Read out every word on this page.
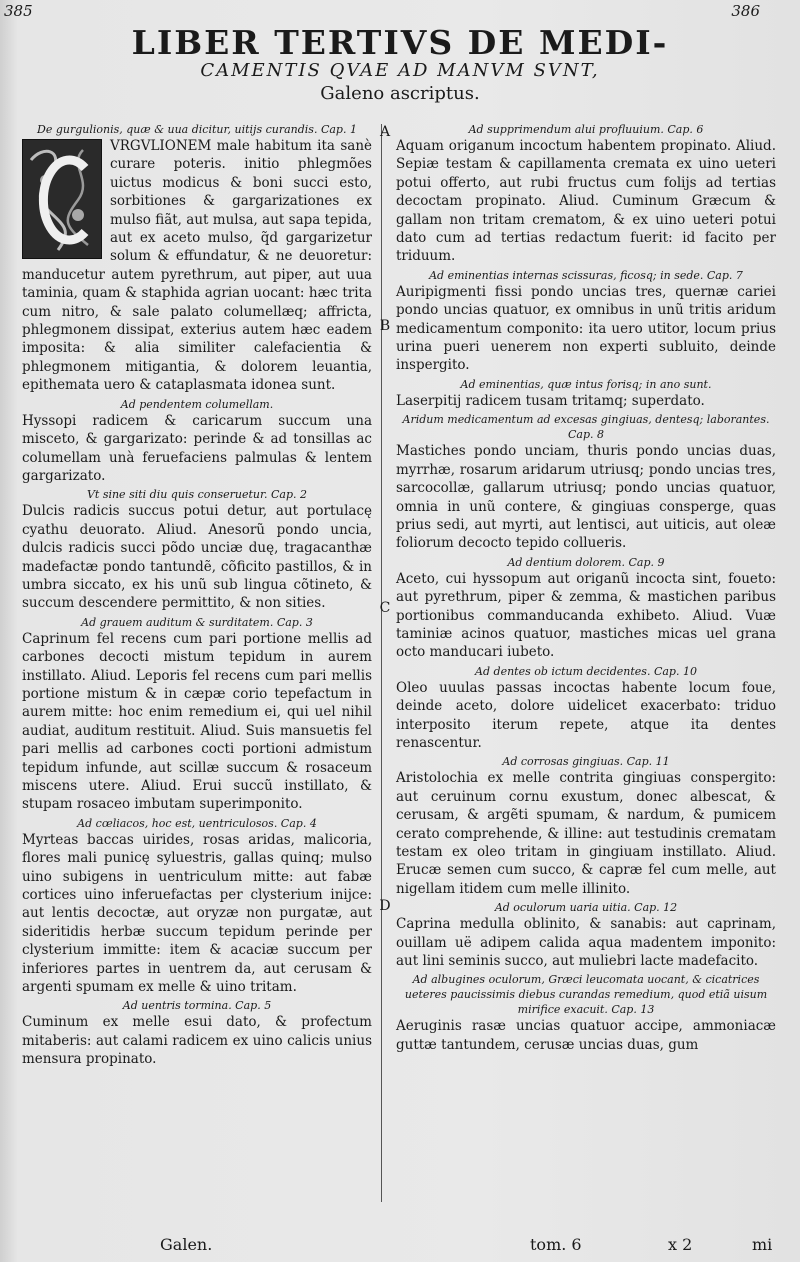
385	386
LIBER TERTIVS DE MEDI-
CAMENTIS QVAE AD MANVM SVNT,
Galeno ascriptus.
A
B
C
D
De gurgulionis, quæ & uua dicitur, uitijs curandis. Cap. 1

VRGVLIONEM male habitum ita sanè curare poteris. initio phlegmões uictus modicus & boni succi esto, sorbitiones & gargarizationes ex mulso fiãt, aut mulsa, aut sapa tepida, aut ex aceto mulso, q̃d gargarizetur solum & effundatur, & ne deuoretur: manducetur autem pyrethrum, aut piper, aut uua taminia, quam & staphida agrian uocant: hæc trita cum nitro, & sale palato columellæq; affricta, phlegmonem dissipat, exterius autem hæc eadem imposita: & alia similiter calefacientia & phlegmonem mitigantia, & dolorem leuantia, epithemata uero & cataplasmata idonea sunt.

Ad pendentem columellam.

Hyssopi radicem & caricarum succum una misceto, & gargarizato: perinde & ad tonsillas ac columellam unà feruefaciens palmulas & lentem gargarizato.

Vt sine siti diu quis conseruetur. Cap. 2

Dulcis radicis succus potui detur, aut portulacę cyathu deuorato. Aliud. Anesorũ pondo uncia, dulcis radicis succi põdo unciæ duę, tragacanthæ madefactæ pondo tantundẽ, cõficito pastillos, & in umbra siccato, ex his unũ sub lingua cõtineto, & succum descendere permittito, & non sities.

Ad grauem auditum & surditatem. Cap. 3

Caprinum fel recens cum pari portione mellis ad carbones decocti mistum tepidum in aurem instillato. Aliud. Leporis fel recens cum pari mellis portione mistum & in cæpæ corio tepefactum in aurem mitte: hoc enim remedium ei, qui uel nihil audiat, auditum restituit. Aliud. Suis mansuetis fel pari mellis ad carbones cocti portioni admistum tepidum infunde, aut scillæ succum & rosaceum miscens utere. Aliud. Erui succũ instillato, & stupam rosaceo imbutam superimponito.

Ad cœliacos, hoc est, uentriculosos. Cap. 4

Myrteas baccas uirides, rosas aridas, malicoria, flores mali punicę syluestris, gallas quinq; mulso uino subigens in uentriculum mitte: aut fabæ cortices uino inferuefactas per clysterium inijce: aut lentis decoctæ, aut oryzæ non purgatæ, aut sideritidis herbæ succum tepidum perinde per clysterium immitte: item & acaciæ succum per inferiores partes in uentrem da, aut cerusam & argenti spumam ex melle & uino tritam.

Ad uentris tormina. Cap. 5

Cuminum ex melle esui dato, & profectum mitaberis: aut calami radicem ex uino calicis unius mensura propinato.

Ad supprimendum alui profluuium. Cap. 6

Aquam origanum incoctum habentem propinato. Aliud. Sepiæ testam & capillamenta cremata ex uino ueteri potui offerto, aut rubi fructus cum folijs ad tertias decoctam propinato. Aliud. Cuminum Græcum & gallam non tritam crematom, & ex uino ueteri potui dato cum ad tertias redactum fuerit: id facito per triduum.

Ad eminentias internas scissuras, ficosq; in sede. Cap. 7

Auripigmenti fissi pondo uncias tres, quernæ cariei pondo uncias quatuor, ex omnibus in unũ tritis aridum medicamentum componito: ita uero utitor, locum prius urina pueri uenerem non experti subluito, deinde inspergito.

Ad eminentias, quæ intus forisq; in ano sunt.

Laserpitij radicem tusam tritamq; superdato.

Aridum medicamentum ad excesas gingiuas, dentesq; laborantes. Cap. 8

Mastiches pondo unciam, thuris pondo uncias duas, myrrhæ, rosarum aridarum utriusq; pondo uncias tres, sarcocollæ, gallarum utriusq; pondo uncias quatuor, omnia in unũ contere, & gingiuas consperge, quas prius sedi, aut myrti, aut lentisci, aut uiticis, aut oleæ foliorum decocto tepido collueris.

Ad dentium dolorem. Cap. 9

Aceto, cui hyssopum aut origanũ incocta sint, foueto: aut pyrethrum, piper & zemma, & mastichen paribus portionibus commanducanda exhibeto. Aliud. Vuæ taminiæ acinos quatuor, mastiches micas uel grana octo manducari iubeto.

Ad dentes ob ictum decidentes. Cap. 10

Oleo uuulas passas incoctas habente locum foue, deinde aceto, dolore uidelicet exacerbato: triduo interposito iterum repete, atque ita dentes renascentur.

Ad corrosas gingiuas. Cap. 11

Aristolochia ex melle contrita gingiuas conspergito: aut ceruinum cornu exustum, donec albescat, & cerusam, & argẽti spumam, & nardum, & pumicem cerato comprehende, & illine: aut testudinis crematam testam ex oleo tritam in gingiuam instillato. Aliud. Erucæ semen cum succo, & capræ fel cum melle, aut nigellam itidem cum melle illinito.

Ad oculorum uaria uitia. Cap. 12

Caprina medulla oblinito, & sanabis: aut caprinam, ouillam uë adipem calida aqua madentem imponito: aut lini seminis succo, aut muliebri lacte madefacito.

Ad albugines oculorum, Græci leucomata uocant, & cicatrices ueteres paucissimis diebus curandas remedium, quod etiã uisum mirifice exacuit. Cap. 13

Aeruginis rasæ uncias quatuor accipe, ammoniacæ guttæ tantundem, cerusæ uncias duas, gum

Galen.	tom. 6	x 2	mi
